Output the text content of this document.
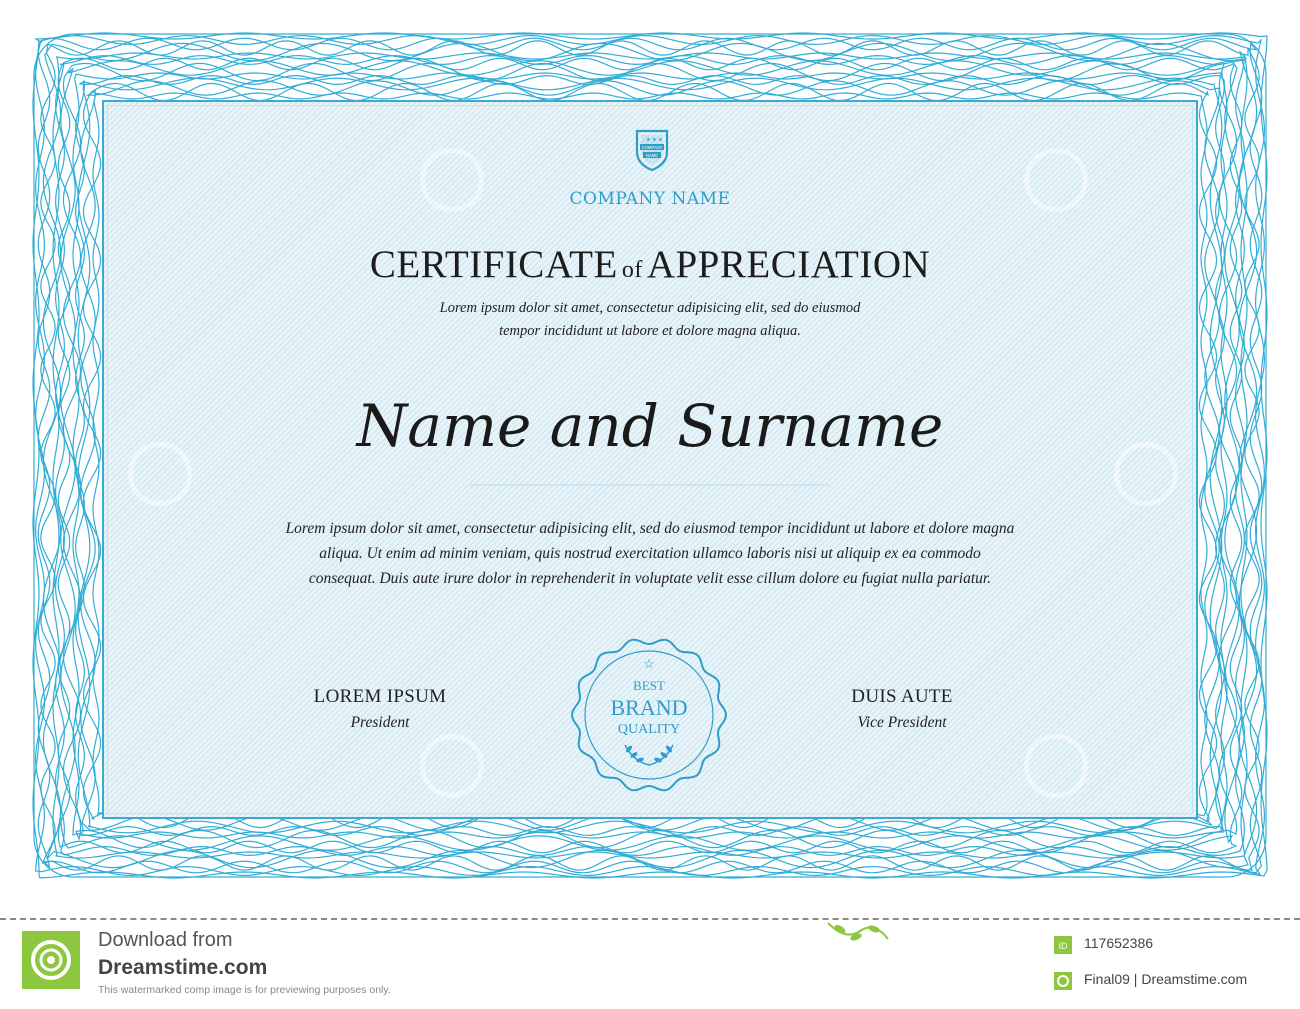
★ ★ ★
COMPANY
NAME
COMPANY NAME
CERTIFICATE of APPRECIATION
Lorem ipsum dolor sit amet, consectetur adipisicing elit, sed do eiusmod
tempor incididunt ut labore et dolore magna aliqua.
Name and Surname
Lorem ipsum dolor sit amet, consectetur adipisicing elit, sed do eiusmod tempor incididunt ut labore et dolore magna
aliqua. Ut enim ad minim veniam, quis nostrud exercitation ullamco laboris nisi ut aliquip ex ea commodo
consequat. Duis aute irure dolor in reprehenderit in voluptate velit esse cillum dolore eu fugiat nulla pariatur.
LOREM IPSUM
President
DUIS AUTE
Vice President
☆
BEST
BRAND
QUALITY
Download from
Dreamstime.com
This watermarked comp image is for previewing purposes only.
ID 117652386
Final09 | Dreamstime.com
